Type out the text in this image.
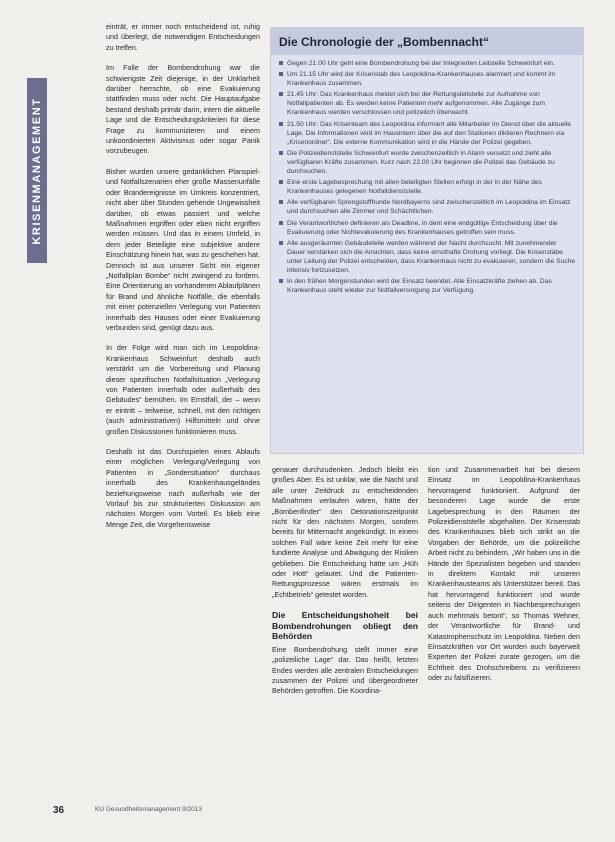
KRISENMANAGEMENT

einträt, er immer noch entscheidend ist, ruhig und überlegt, die notwendigen Entscheidungen zu treffen.

Im Falle der Bombendrohung war die schwierigste Zeit diejenige, in der Unklarheit darüber herrschte, ob eine Evakuierung stattfinden muss oder nicht. Die Hauptaufgabe bestand deshalb primär darin, intern die aktuelle Lage und die Entscheidungskriterien für diese Frage zu kommunizieren und einem unkoordinierten Aktivismus oder sogar Panik vorzubeugen.

Bisher wurden unsere gedanklichen Planspiel- und Notfallszenarien eher große Massenunfälle oder Brandereignisse im Umkreis konzentriert, nicht aber über Stunden gehende Ungewissheit darüber, ob etwas passiert und welche Maßnahmen ergriffen oder eben nicht ergriffen werden müssen. Und das in einem Umfeld, in dem jeder Beteiligte eine subjektive andere Einschätzung hinein hat, was zu geschehen hat. Dennoch ist aus unserer Sicht ein eigener „Notfallplan Bombe“ nicht zwingend zu fordern. Eine Orientierung an vorhandenen Ablaufplänen für Brand und ähnliche Notfälle, die ebenfalls mit einer potenziellen Verlegung von Patienten innerhalb des Hauses oder einer Evakuierung verbunden sind, genügt dazu aus.

In der Folge wird man sich im Leopoldina-Krankenhaus Schweinfurt deshalb auch verstärkt um die Vorbereitung und Planung dieser spezifischen Notfallsituation „Verlegung von Patienten innerhalb oder außerhalb des Gebäudes“ bemühen. Im Ernstfall, der – wenn er eintritt – teilweise, schnell, mit den richtigen (auch administrativen) Hilfsmitteln und ohne großen Diskussionen funktionieren muss.

Deshalb ist das Durchspielen eines Ablaufs einer möglichen Verlegung/Verlegung von Patienten in „Sondersituation“ durchaus innerhalb des Krankenhausgeländes beziehungsweise nach außerhalb wie der Vorlauf bis zur strukturierten Diskussion am nächsten Morgen vom Vorteil. Es blieb eine Menge Zeit, die Vorgehensweise

Die Chronologie der „Bombennacht“
Gegen 21.00 Uhr geht eine Bombendrohung bei der Integrierten Leitstelle Schweinfurt ein.
Um 21.15 Uhr wird der Krisenstab des Leopoldina-Krankenhauses alarmiert und kommt im Krankenhaus zusammen.
21.45 Uhr: Das Krankenhaus meldet sich bei der Rettungsleitstelle zur Aufnahme von Notfallpatienten ab. Es werden keine Patienten mehr aufgenommen. Alle Zugänge zum Krankenhaus werden verschlossen und polizeilich überwacht.
21.50 Uhr: Das Krisenteam des Leopoldina informiert alle Mitarbeiter im Dienst über die aktuelle Lage. Die Informationen wird im Hausintern über die auf den Stationen diktieren Rechnern via „Krisenordner“. Die externe Kommunikation wird in die Hände der Polizei gegeben.
Die Polizeidienststelle Schweinfurt wurde zwischenzeitlich in Alarm versetzt und zieht alle verfügbaren Kräfte zusammen. Kurz nach 22.00 Uhr beginnen die Polizei das Gebäude zu durchsuchen.
Eine erste Lagebesprechung mit allen beteiligten Stellen erfolgt in der in der Nähe des Krankenhauses gelegenen Notfalldienststelle.
Alle verfügbaren Sprengstoffhunde Nordbayerns sind zwischenzeitlich im Leopoldina im Einsatz und durchsuchen alle Zimmer und Schächtlichen.
Die Verantwortlichen definieren als Deadline, in dem eine endgültige Entscheidung über die Evakuierung oder Nichtevakuierung des Krankenhauses getroffen sein muss.
Alle ausgeräumten Gebäudeteile werden während der Nacht durchsucht. Mit zunehmender Dauer verstärken sich die Ansichten, dass keine ernsthafte Drohung vorliegt. Die Krisenstäbe unter Leitung der Polizei entscheiden, dass Krankenhaus nicht zu evakuieren, sondern die Suche intensiv fortzusetzen.
In den frühen Morgenstunden wird der Einsatz beendet. Alle Einsatzkräfte ziehen ab. Das Krankenhaus steht wieder zur Notfallversorgung zur Verfügung.

genauer durchzudenken. Jedoch bleibt ein großes Aber. Es ist unklar, wie die Nacht und alle unter Zeitdruck zu entscheidenden Maßnahmen verlaufen wären, hätte der „Bombenfinder“ den Detonationszeitpunkt nicht für den nächsten Morgen, sondern bereits für Mitternacht angekündigt. In einem solchen Fall wäre keine Zeit mehr für eine fundierte Analyse und Abwägung der Risiken geblieben. Die Entscheidung hätte um „Hüh oder Hott“ gelautet. Und die Patienten-Rettungsprozesse wären erstmals im „Echtbetrieb“ getestet worden.

Die Entscheidungshoheit bei Bombendrohungen obliegt den Behörden

Eine Bombendrohung stellt immer eine „polizeiliche Lage“ dar. Das heißt, letzten Endes werden alle zentralen Entscheidungen zusammen der Polizei und übergeordneter Behörden getroffen. Die Koordina-

tion und Zusammenarbeit hat bei diesem Einsatz im Leopoldina-Krankenhaus hervorragend funktioniert. Aufgrund der besonderen Lage wurde die erste Lagebesprechung in den Räumen der Polizeidienststelle abgehalten. Der Krisenstab des Krankenhauses blieb sich strikt an die Vorgaben der Behörde, um die polizeiliche Arbeit nicht zu behindern. „Wir haben uns in die Hände der Spezialisten begeben und standen in direktem Kontakt mit unseren Krankenhausteams als Unterstützer bereit. Das hat hervorragend funktioniert und wurde seitens der Dirigenten in Nachbesprechungen auch mehrmals betont“, so Thomas Wehner, der Verantwortliche für Brand- und Katastrophenschutz im Leopoldina. Neben den Einsatzkräften vor Ort wurden auch bayerweit Experten der Polizei zurate gezogen, um die Echtheit des Drohschreibens zu verifizieren oder zu falsifizieren.

36	KU Gesundheitsmanagement 9/2013
